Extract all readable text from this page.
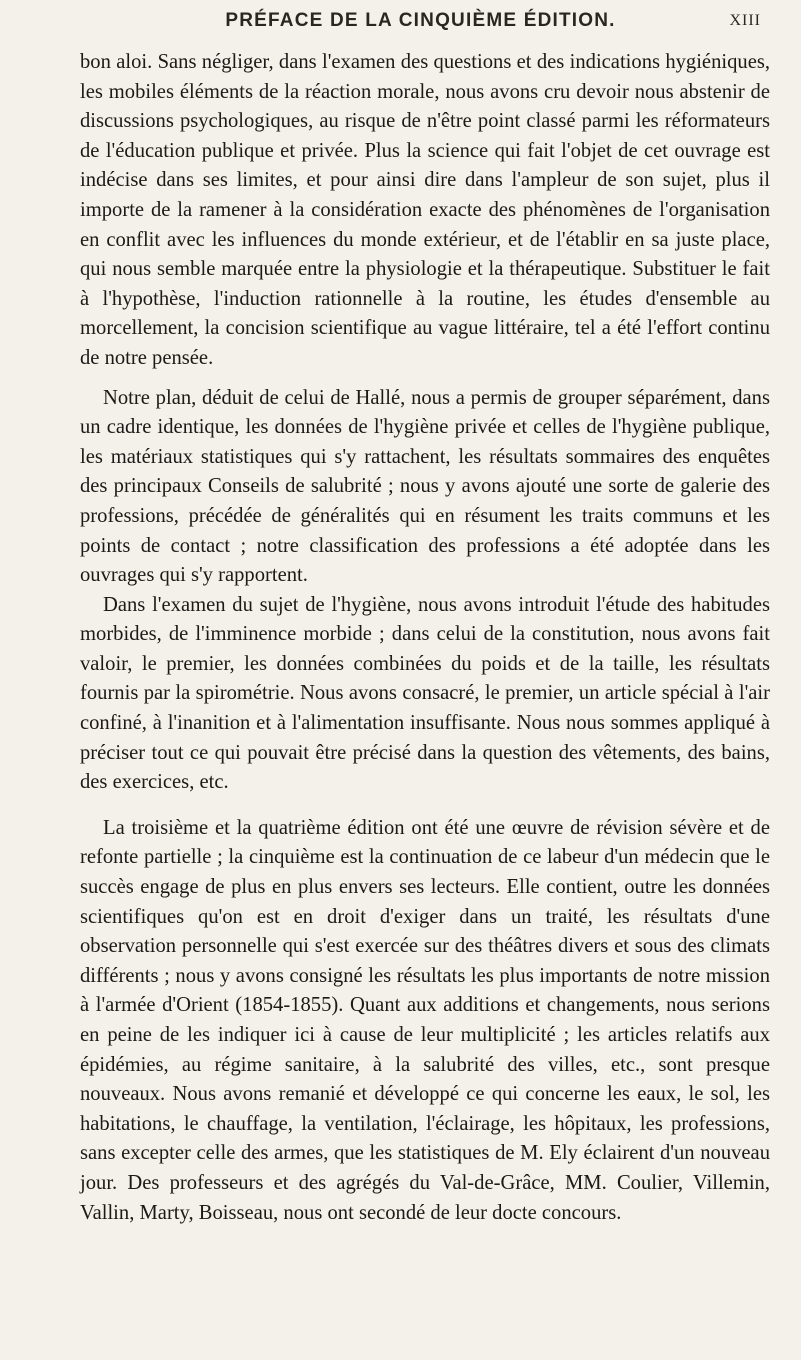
PRÉFACE DE LA CINQUIÈME ÉDITION.	XIII

bon aloi. Sans négliger, dans l'examen des questions et des indications hygiéniques, les mobiles éléments de la réaction morale, nous avons cru devoir nous abstenir de discussions psychologiques, au risque de n'être point classé parmi les réformateurs de l'éducation publique et privée. Plus la science qui fait l'objet de cet ouvrage est indécise dans ses limites, et pour ainsi dire dans l'ampleur de son sujet, plus il importe de la ramener à la considération exacte des phénomènes de l'organisation en conflit avec les influences du monde extérieur, et de l'établir en sa juste place, qui nous semble marquée entre la physiologie et la thérapeutique. Substituer le fait à l'hypothèse, l'induction rationnelle à la routine, les études d'ensemble au morcellement, la concision scientifique au vague littéraire, tel a été l'effort continu de notre pensée.

Notre plan, déduit de celui de Hallé, nous a permis de grouper séparément, dans un cadre identique, les données de l'hygiène privée et celles de l'hygiène publique, les matériaux statistiques qui s'y rattachent, les résultats sommaires des enquêtes des principaux Conseils de salubrité ; nous y avons ajouté une sorte de galerie des professions, précédée de généralités qui en résument les traits communs et les points de contact ; notre classification des professions a été adoptée dans les ouvrages qui s'y rapportent.

Dans l'examen du sujet de l'hygiène, nous avons introduit l'étude des habitudes morbides, de l'imminence morbide ; dans celui de la constitution, nous avons fait valoir, le premier, les données combinées du poids et de la taille, les résultats fournis par la spirométrie. Nous avons consacré, le premier, un article spécial à l'air confiné, à l'inanition et à l'alimentation insuffisante. Nous nous sommes appliqué à préciser tout ce qui pouvait être précisé dans la question des vêtements, des bains, des exercices, etc.

La troisième et la quatrième édition ont été une œuvre de révision sévère et de refonte partielle ; la cinquième est la continuation de ce labeur d'un médecin que le succès engage de plus en plus envers ses lecteurs. Elle contient, outre les données scientifiques qu'on est en droit d'exiger dans un traité, les résultats d'une observation personnelle qui s'est exercée sur des théâtres divers et sous des climats différents ; nous y avons consigné les résultats les plus importants de notre mission à l'armée d'Orient (1854-1855). Quant aux additions et changements, nous serions en peine de les indiquer ici à cause de leur multiplicité ; les articles relatifs aux épidémies, au régime sanitaire, à la salubrité des villes, etc., sont presque nouveaux. Nous avons remanié et développé ce qui concerne les eaux, le sol, les habitations, le chauffage, la ventilation, l'éclairage, les hôpitaux, les professions, sans excepter celle des armes, que les statistiques de M. Ely éclairent d'un nouveau jour. Des professeurs et des agrégés du Val-de-Grâce, MM. Coulier, Villemin, Vallin, Marty, Boisseau, nous ont secondé de leur docte concours.
